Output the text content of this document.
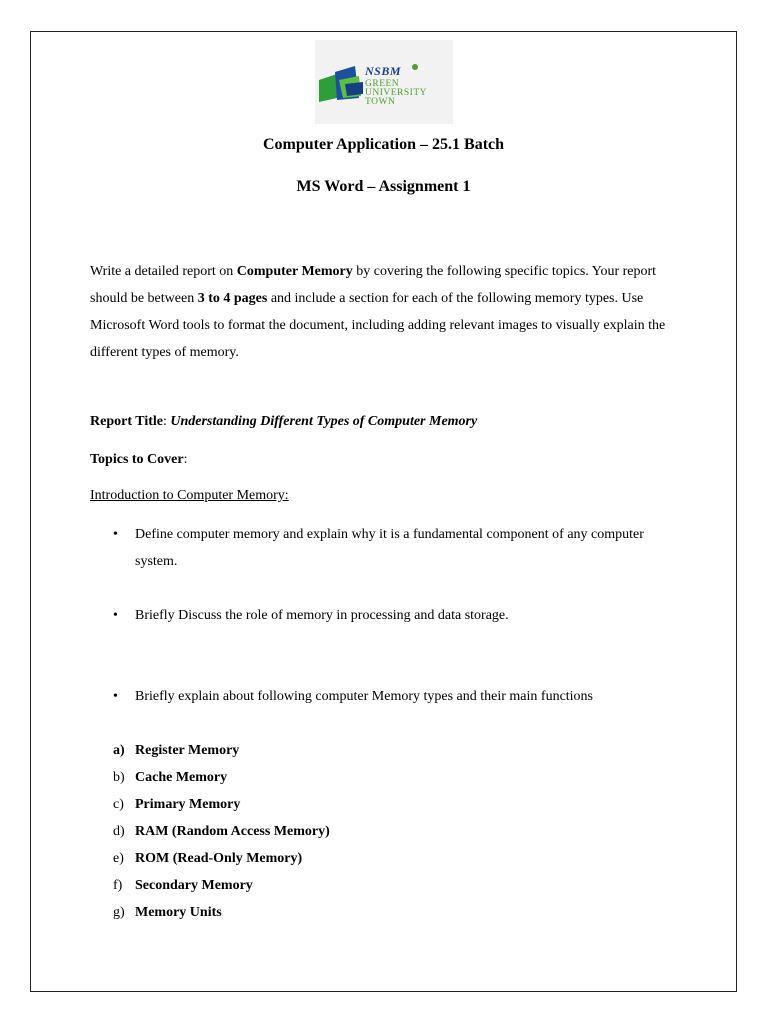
NSBM
GREEN
UNIVERSITY
TOWN
Computer Application – 25.1 Batch
MS Word – Assignment 1
Write a detailed report on Computer Memory by covering the following specific topics. Your report should be between 3 to 4 pages and include a section for each of the following memory types. Use Microsoft Word tools to format the document, including adding relevant images to visually explain the different types of memory.
Report Title: Understanding Different Types of Computer Memory
Topics to Cover:
Introduction to Computer Memory:
• Define computer memory and explain why it is a fundamental component of any computer system.
• Briefly Discuss the role of memory in processing and data storage.
• Briefly explain about following computer Memory types and their main functions
a) Register Memory
b) Cache Memory
c) Primary Memory
d) RAM (Random Access Memory)
e) ROM (Read-Only Memory)
f) Secondary Memory
g) Memory Units
